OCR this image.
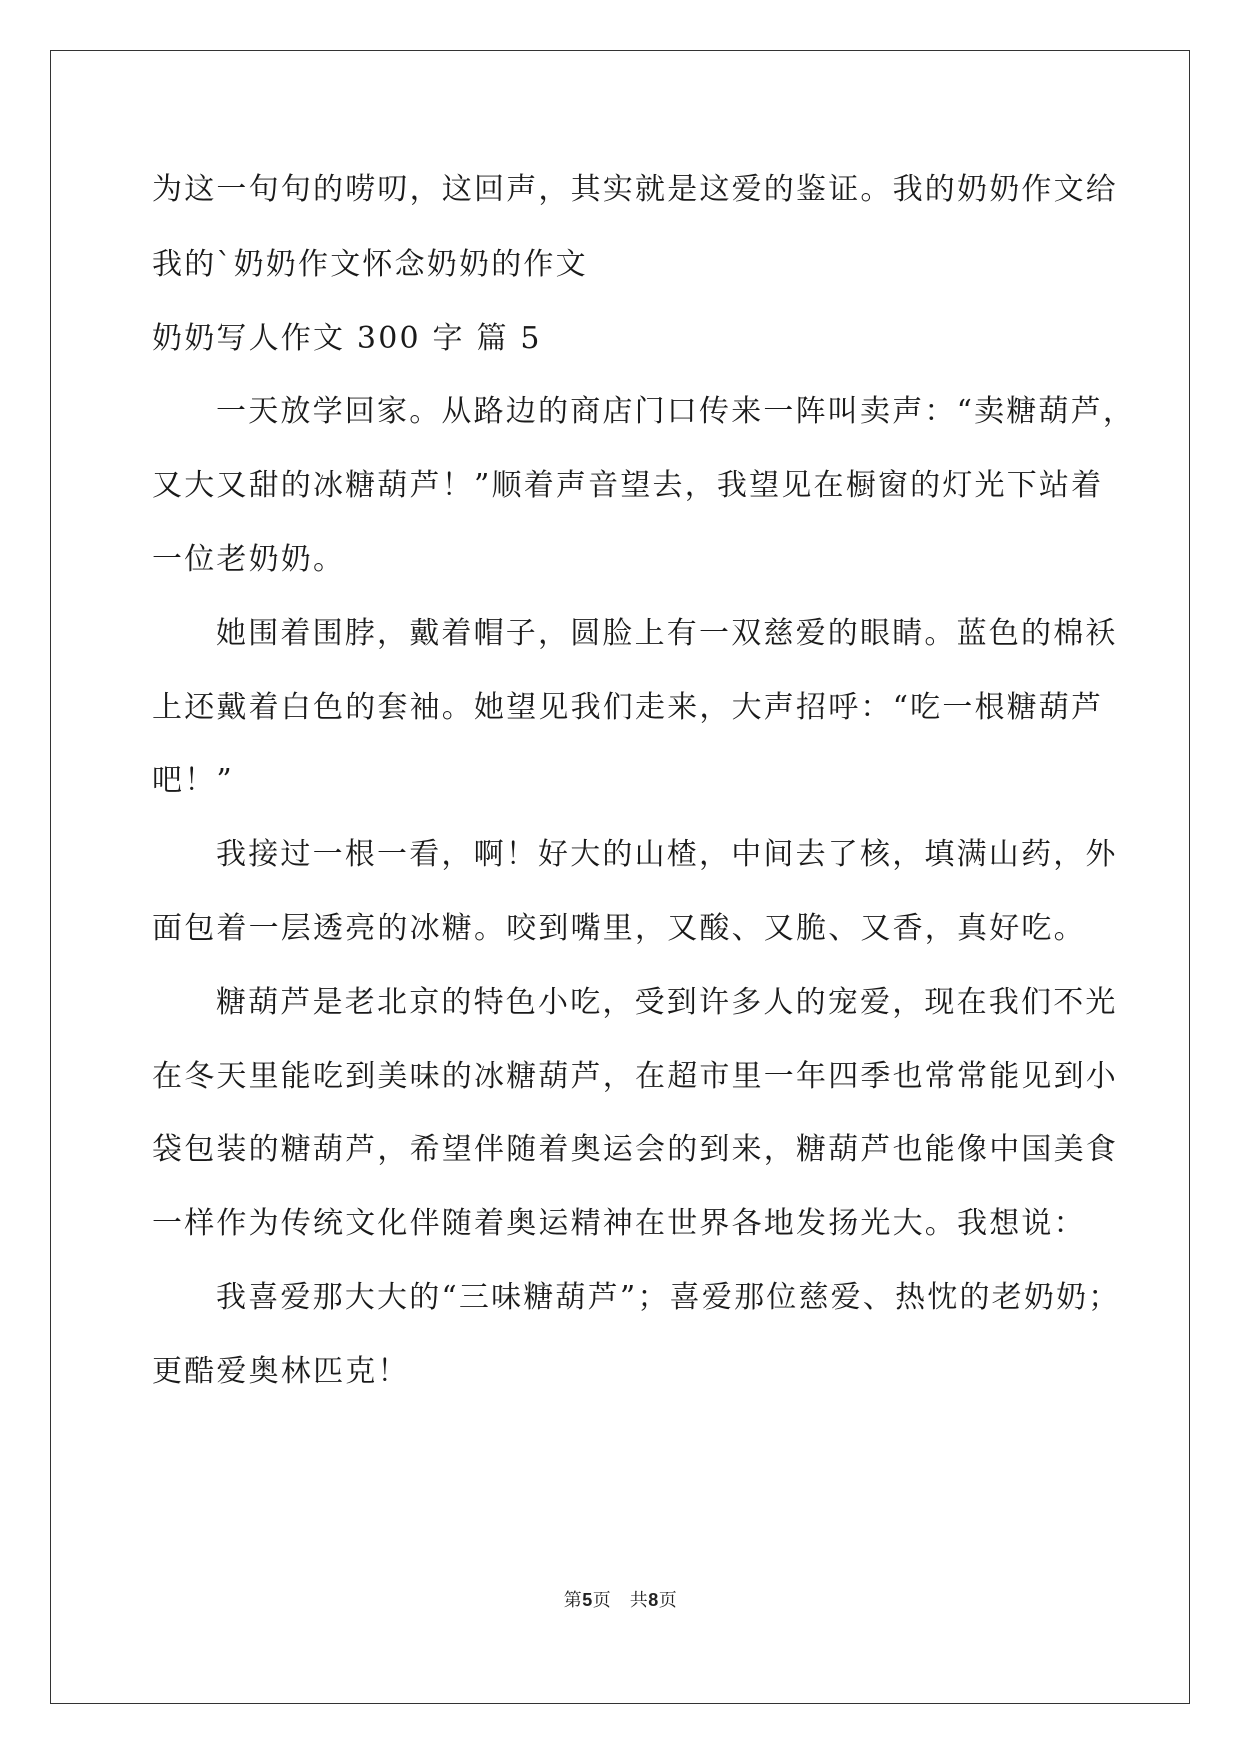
为这一句句的唠叨，这回声，其实就是这爱的鉴证。我的奶奶作文给
我的`奶奶作文怀念奶奶的作文
奶奶写人作文 300 字 篇 5
一天放学回家。从路边的商店门口传来一阵叫卖声：“卖糖葫芦，
又大又甜的冰糖葫芦！”顺着声音望去，我望见在橱窗的灯光下站着
一位老奶奶。
她围着围脖，戴着帽子，圆脸上有一双慈爱的眼睛。蓝色的棉袄
上还戴着白色的套袖。她望见我们走来，大声招呼：“吃一根糖葫芦
吧！”
我接过一根一看，啊！好大的山楂，中间去了核，填满山药，外
面包着一层透亮的冰糖。咬到嘴里，又酸、又脆、又香，真好吃。
糖葫芦是老北京的特色小吃，受到许多人的宠爱，现在我们不光
在冬天里能吃到美味的冰糖葫芦，在超市里一年四季也常常能见到小
袋包装的糖葫芦，希望伴随着奥运会的到来，糖葫芦也能像中国美食
一样作为传统文化伴随着奥运精神在世界各地发扬光大。我想说：
我喜爱那大大的“三味糖葫芦”；喜爱那位慈爱、热忱的老奶奶；
更酷爱奥林匹克！
第5页　共8页
